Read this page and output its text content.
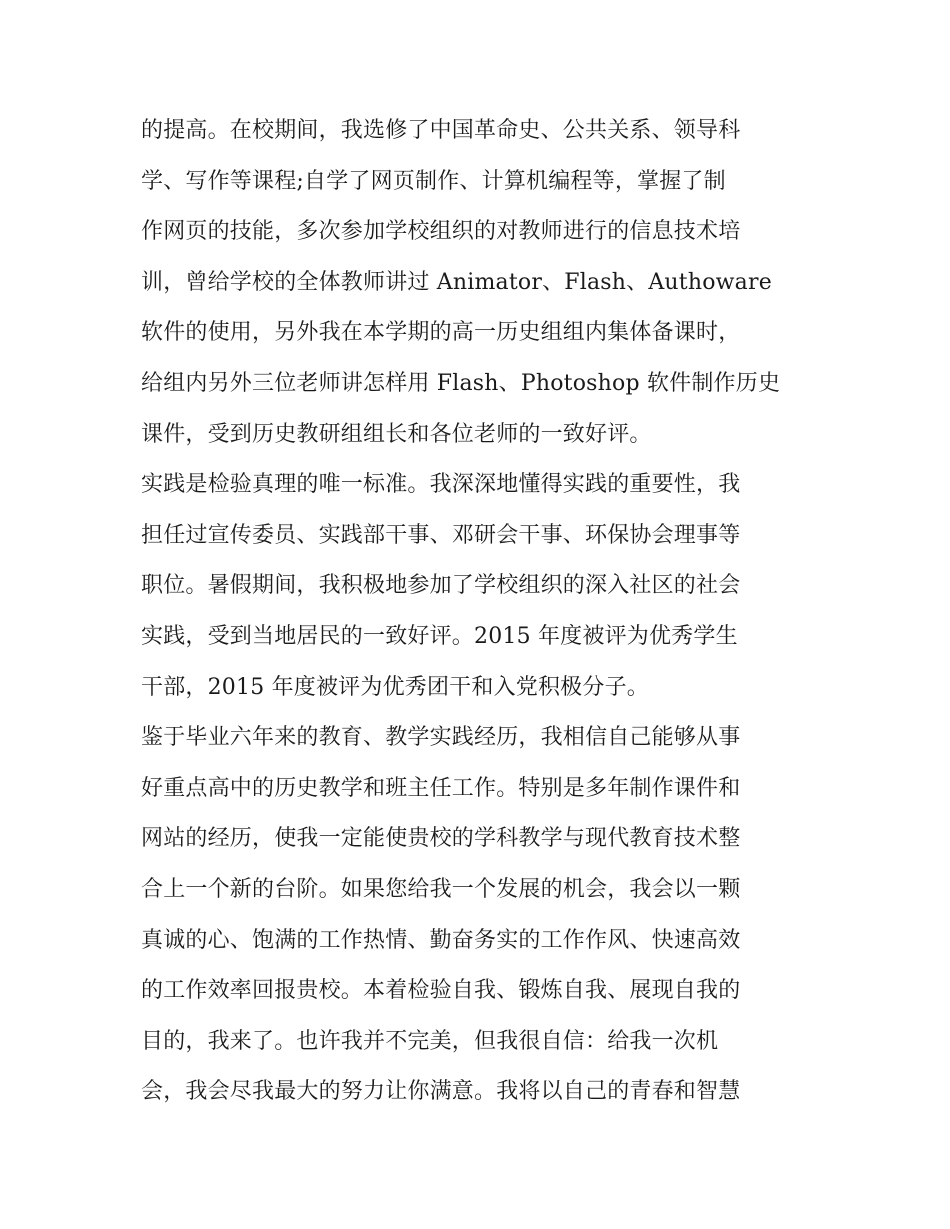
的提高。在校期间，我选修了中国革命史、公共关系、领导科
学、写作等课程;自学了网页制作、计算机编程等，掌握了制
作网页的技能，多次参加学校组织的对教师进行的信息技术培
训，曾给学校的全体教师讲过 Animator、Flash、Authoware
软件的使用，另外我在本学期的高一历史组组内集体备课时，
给组内另外三位老师讲怎样用 Flash、Photoshop 软件制作历史
课件，受到历史教研组组长和各位老师的一致好评。
实践是检验真理的唯一标准。我深深地懂得实践的重要性，我
担任过宣传委员、实践部干事、邓研会干事、环保协会理事等
职位。暑假期间，我积极地参加了学校组织的深入社区的社会
实践，受到当地居民的一致好评。2015 年度被评为优秀学生
干部，2015 年度被评为优秀团干和入党积极分子。
鉴于毕业六年来的教育、教学实践经历，我相信自己能够从事
好重点高中的历史教学和班主任工作。特别是多年制作课件和
网站的经历，使我一定能使贵校的学科教学与现代教育技术整
合上一个新的台阶。如果您给我一个发展的机会，我会以一颗
真诚的心、饱满的工作热情、勤奋务实的工作作风、快速高效
的工作效率回报贵校。本着检验自我、锻炼自我、展现自我的
目的，我来了。也许我并不完美，但我很自信：给我一次机
会，我会尽我最大的努力让你满意。我将以自己的青春和智慧
